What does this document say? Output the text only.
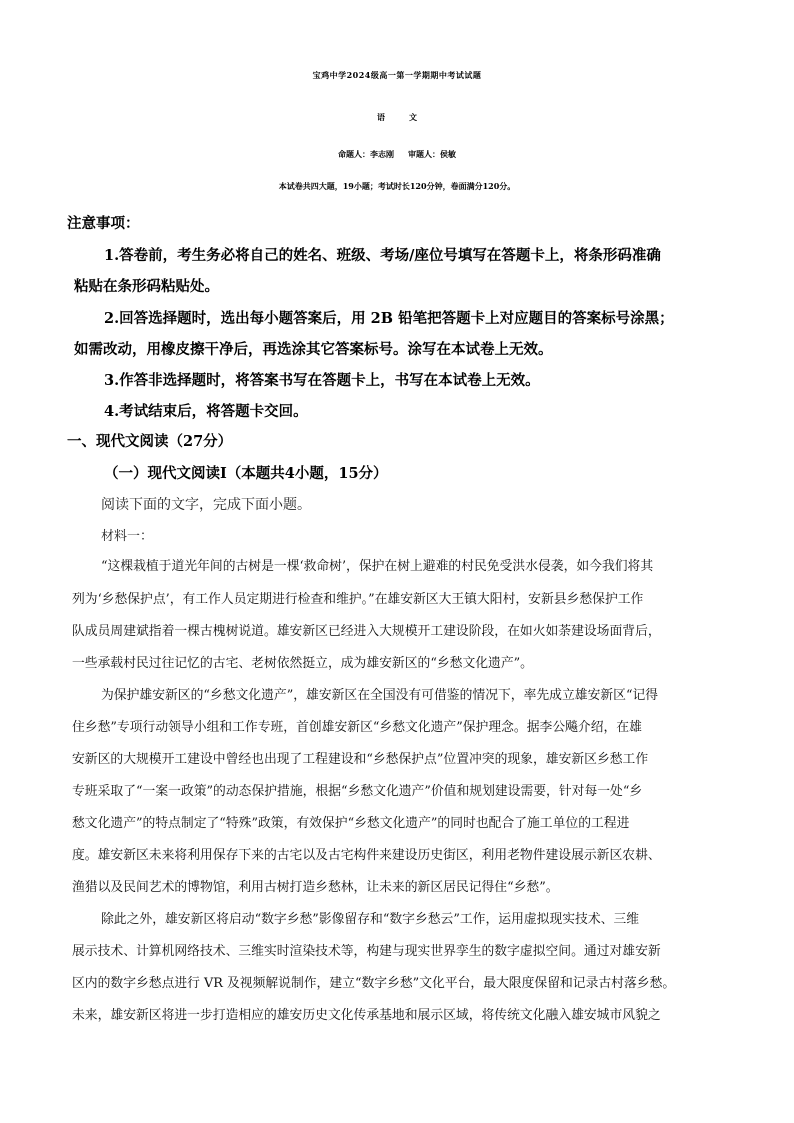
宝鸡中学2024级高一第一学期期中考试试题
语文
命题人：李志刚 审题人：侯敏
本试卷共四大题，19小题；考试时长120分钟，卷面满分120分。
注意事项：
1.答卷前，考生务必将自己的姓名、班级、考场/座位号填写在答题卡上，将条形码准确
粘贴在条形码粘贴处。
2.回答选择题时，选出每小题答案后，用 2B 铅笔把答题卡上对应题目的答案标号涂黑；
如需改动，用橡皮擦干净后，再选涂其它答案标号。涂写在本试卷上无效。
3.作答非选择题时，将答案书写在答题卡上，书写在本试卷上无效。
4.考试结束后，将答题卡交回。
一、现代文阅读（27分）
（一）现代文阅读Ⅰ（本题共4小题，15分）
阅读下面的文字，完成下面小题。
材料一：
“这棵栽植于道光年间的古树是一棵‘救命树’，保护在树上避难的村民免受洪水侵袭，如今我们将其
列为‘乡愁保护点’，有工作人员定期进行检查和维护。”在雄安新区大王镇大阳村，安新县乡愁保护工作
队成员周建斌指着一棵古槐树说道。雄安新区已经进入大规模开工建设阶段，在如火如荼建设场面背后，
一些承载村民过往记忆的古宅、老树依然挺立，成为雄安新区的“乡愁文化遗产”。
为保护雄安新区的“乡愁文化遗产”，雄安新区在全国没有可借鉴的情况下，率先成立雄安新区“记得
住乡愁”专项行动领导小组和工作专班，首创雄安新区“乡愁文化遗产”保护理念。据李公飚介绍，在雄
安新区的大规模开工建设中曾经也出现了工程建设和“乡愁保护点”位置冲突的现象，雄安新区乡愁工作
专班采取了“一案一政策”的动态保护措施，根据“乡愁文化遗产”价值和规划建设需要，针对每一处“乡
愁文化遗产”的特点制定了“特殊”政策，有效保护“乡愁文化遗产”的同时也配合了施工单位的工程进
度。雄安新区未来将利用保存下来的古宅以及古宅构件来建设历史街区，利用老物件建设展示新区农耕、
渔猎以及民间艺术的博物馆，利用古树打造乡愁林，让未来的新区居民记得住“乡愁”。
除此之外，雄安新区将启动“数字乡愁”影像留存和“数字乡愁云”工作，运用虚拟现实技术、三维
展示技术、计算机网络技术、三维实时渲染技术等，构建与现实世界孪生的数字虚拟空间。通过对雄安新
区内的数字乡愁点进行 VR 及视频解说制作，建立“数字乡愁”文化平台，最大限度保留和记录古村落乡愁。
未来，雄安新区将进一步打造相应的雄安历史文化传承基地和展示区域，将传统文化融入雄安城市风貌之
